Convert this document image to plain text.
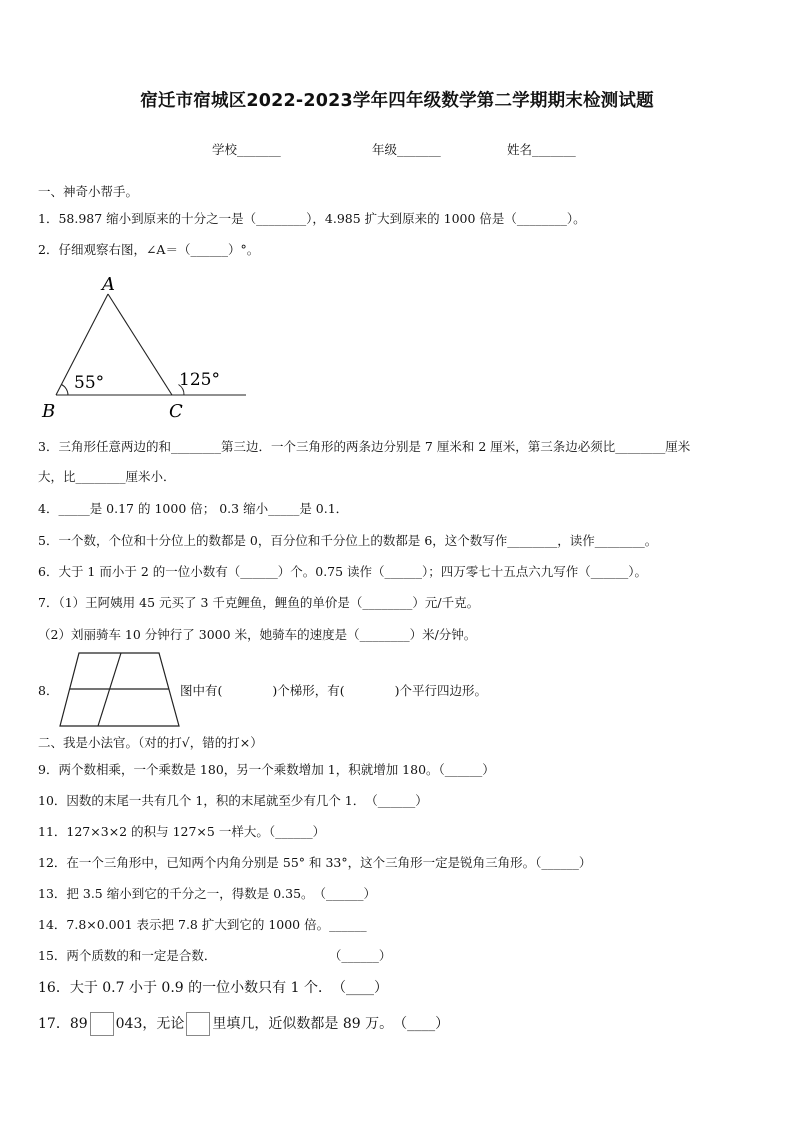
宿迁市宿城区2022-2023学年四年级数学第二学期期末检测试题
学校_______	年级_______	姓名_______
一、神奇小帮手。
1．58.987 缩小到原来的十分之一是（________），4.985 扩大到原来的 1000 倍是（________）。
2．仔细观察右图，∠A＝（______）°。
A
B	C
55°	125°
3．三角形任意两边的和________第三边．一个三角形的两条边分别是 7 厘米和 2 厘米，第三条边必须比________厘米
大，比________厘米小．
4．_____是 0.17 的 1000 倍； 0.3 缩小_____是 0.1．
5．一个数，个位和十分位上的数都是 0，百分位和千分位上的数都是 6，这个数写作________，读作________。
6．大于 1 而小于 2 的一位小数有（______）个。0.75 读作（______）；四万零七十五点六九写作（______）。
7．（1）王阿姨用 45 元买了 3 千克鲤鱼，鲤鱼的单价是（________）元/千克。
（2）刘丽骑车 10 分钟行了 3000 米，她骑车的速度是（________）米/分钟。
8．	图中有(　　　　)个梯形，有(　　　　)个平行四边形。
二、我是小法官。（对的打√，错的打×）
9．两个数相乘，一个乘数是 180，另一个乘数增加 1，积就增加 180。（______）
10．因数的末尾一共有几个 1，积的末尾就至少有几个 1．　（______）
11．127×3×2 的积与 127×5 一样大。（______）
12．在一个三角形中，已知两个内角分别是 55° 和 33°，这个三角形一定是锐角三角形。（______）
13．把 3.5 缩小到它的千分之一，得数是 0.35。　（______）
14．7.8×0.001 表示把 7.8 扩大到它的 1000 倍。______
15．两个质数的和一定是合数．　　　　　　　　　　（______）
16．大于 0.7 小于 0.9 的一位小数只有 1 个．　（____）
17．89 043，无论 里填几，近似数都是 89 万。　（____）
